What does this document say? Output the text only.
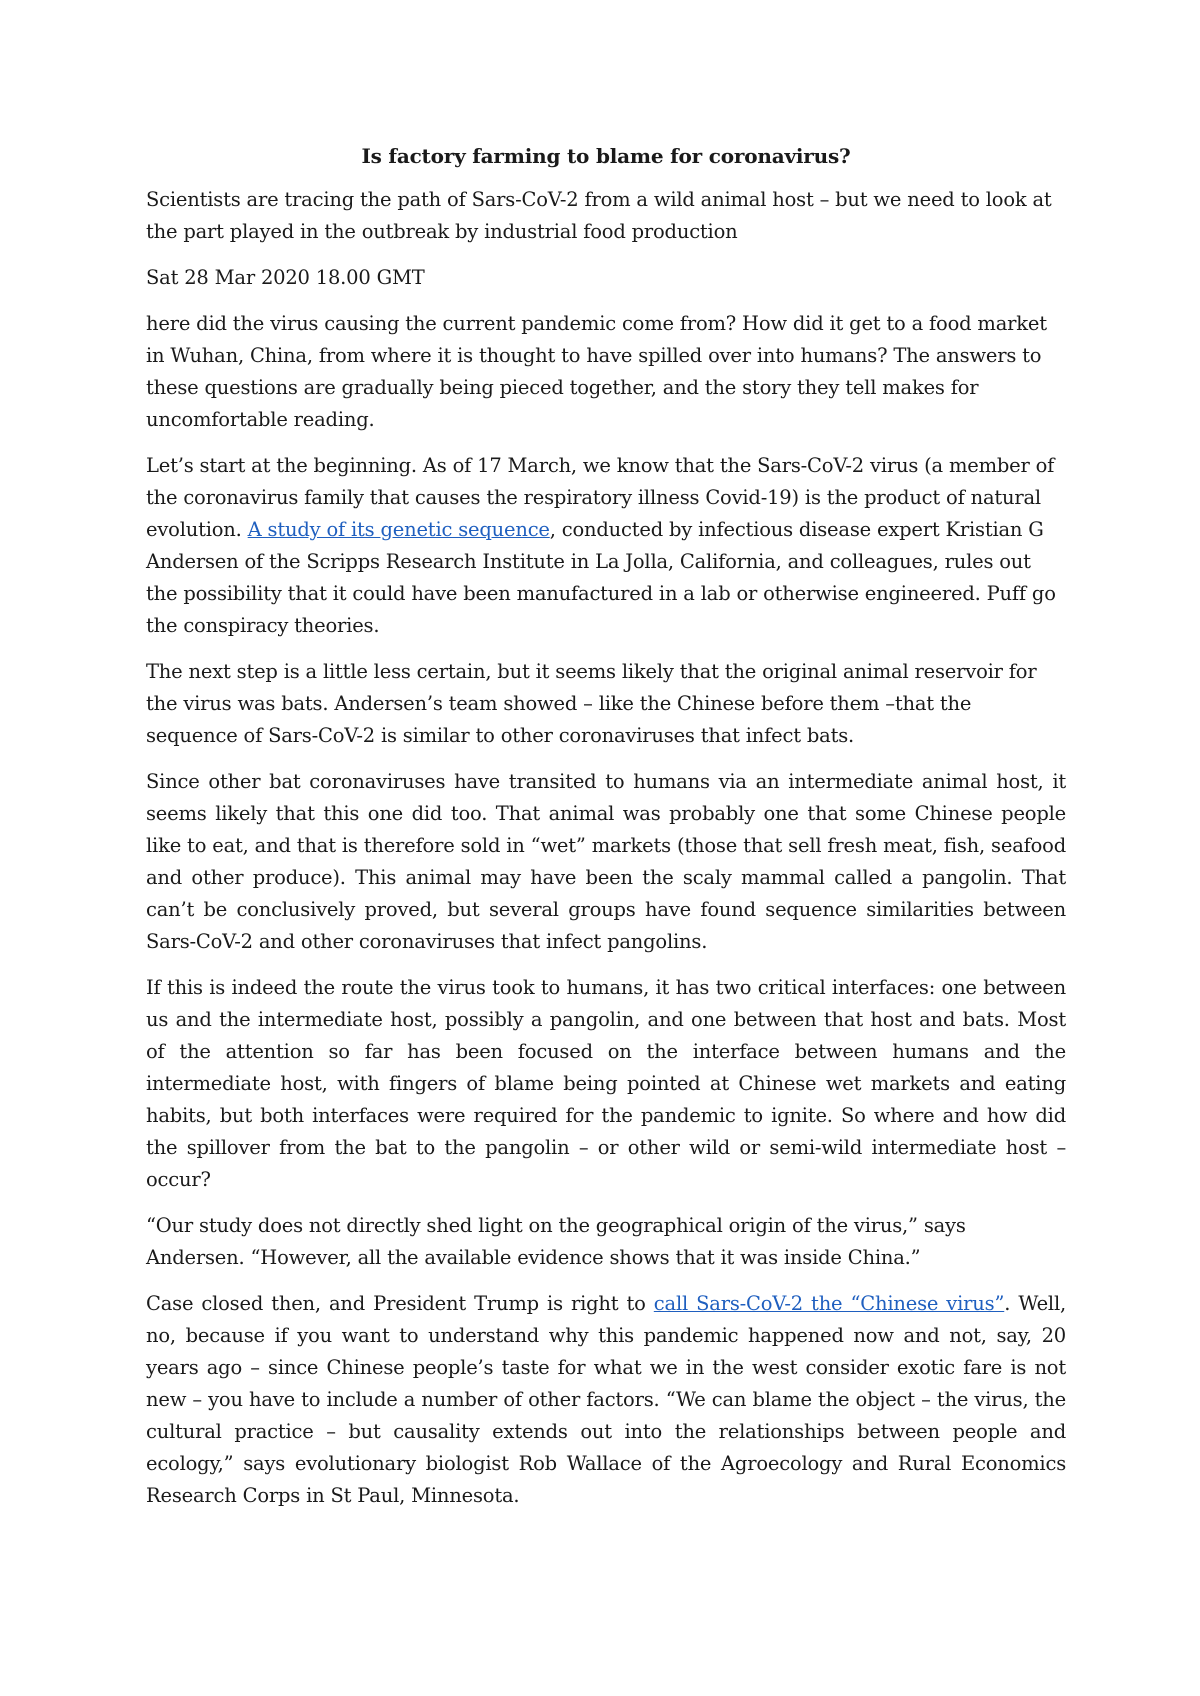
Is factory farming to blame for coronavirus?

Scientists are tracing the path of Sars-CoV-2 from a wild animal host – but we need to look at the part played in the outbreak by industrial food production

Sat 28 Mar 2020 18.00 GMT

here did the virus causing the current pandemic come from? How did it get to a food market in Wuhan, China, from where it is thought to have spilled over into humans? The answers to these questions are gradually being pieced together, and the story they tell makes for uncomfortable reading.

Let’s start at the beginning. As of 17 March, we know that the Sars-CoV-2 virus (a member of the coronavirus family that causes the respiratory illness Covid-19) is the product of natural evolution. A study of its genetic sequence, conducted by infectious disease expert Kristian G Andersen of the Scripps Research Institute in La Jolla, California, and colleagues, rules out the possibility that it could have been manufactured in a lab or otherwise engineered. Puff go the conspiracy theories.

The next step is a little less certain, but it seems likely that the original animal reservoir for the virus was bats. Andersen’s team showed – like the Chinese before them –that the sequence of Sars-CoV-2 is similar to other coronaviruses that infect bats.

Since other bat coronaviruses have transited to humans via an intermediate animal host, it seems likely that this one did too. That animal was probably one that some Chinese people like to eat, and that is therefore sold in “wet” markets (those that sell fresh meat, fish, seafood and other produce). This animal may have been the scaly mammal called a pangolin. That can’t be conclusively proved, but several groups have found sequence similarities between Sars-CoV-2 and other coronaviruses that infect pangolins.

If this is indeed the route the virus took to humans, it has two critical interfaces: one between us and the intermediate host, possibly a pangolin, and one between that host and bats. Most of the attention so far has been focused on the interface between humans and the intermediate host, with fingers of blame being pointed at Chinese wet markets and eating habits, but both interfaces were required for the pandemic to ignite. So where and how did the spillover from the bat to the pangolin – or other wild or semi-wild intermediate host – occur?

“Our study does not directly shed light on the geographical origin of the virus,” says Andersen. “However, all the available evidence shows that it was inside China.”

Case closed then, and President Trump is right to call Sars-CoV-2 the “Chinese virus”. Well, no, because if you want to understand why this pandemic happened now and not, say, 20 years ago – since Chinese people’s taste for what we in the west consider exotic fare is not new – you have to include a number of other factors. “We can blame the object – the virus, the cultural practice – but causality extends out into the relationships between people and ecology,” says evolutionary biologist Rob Wallace of the Agroecology and Rural Economics Research Corps in St Paul, Minnesota.
